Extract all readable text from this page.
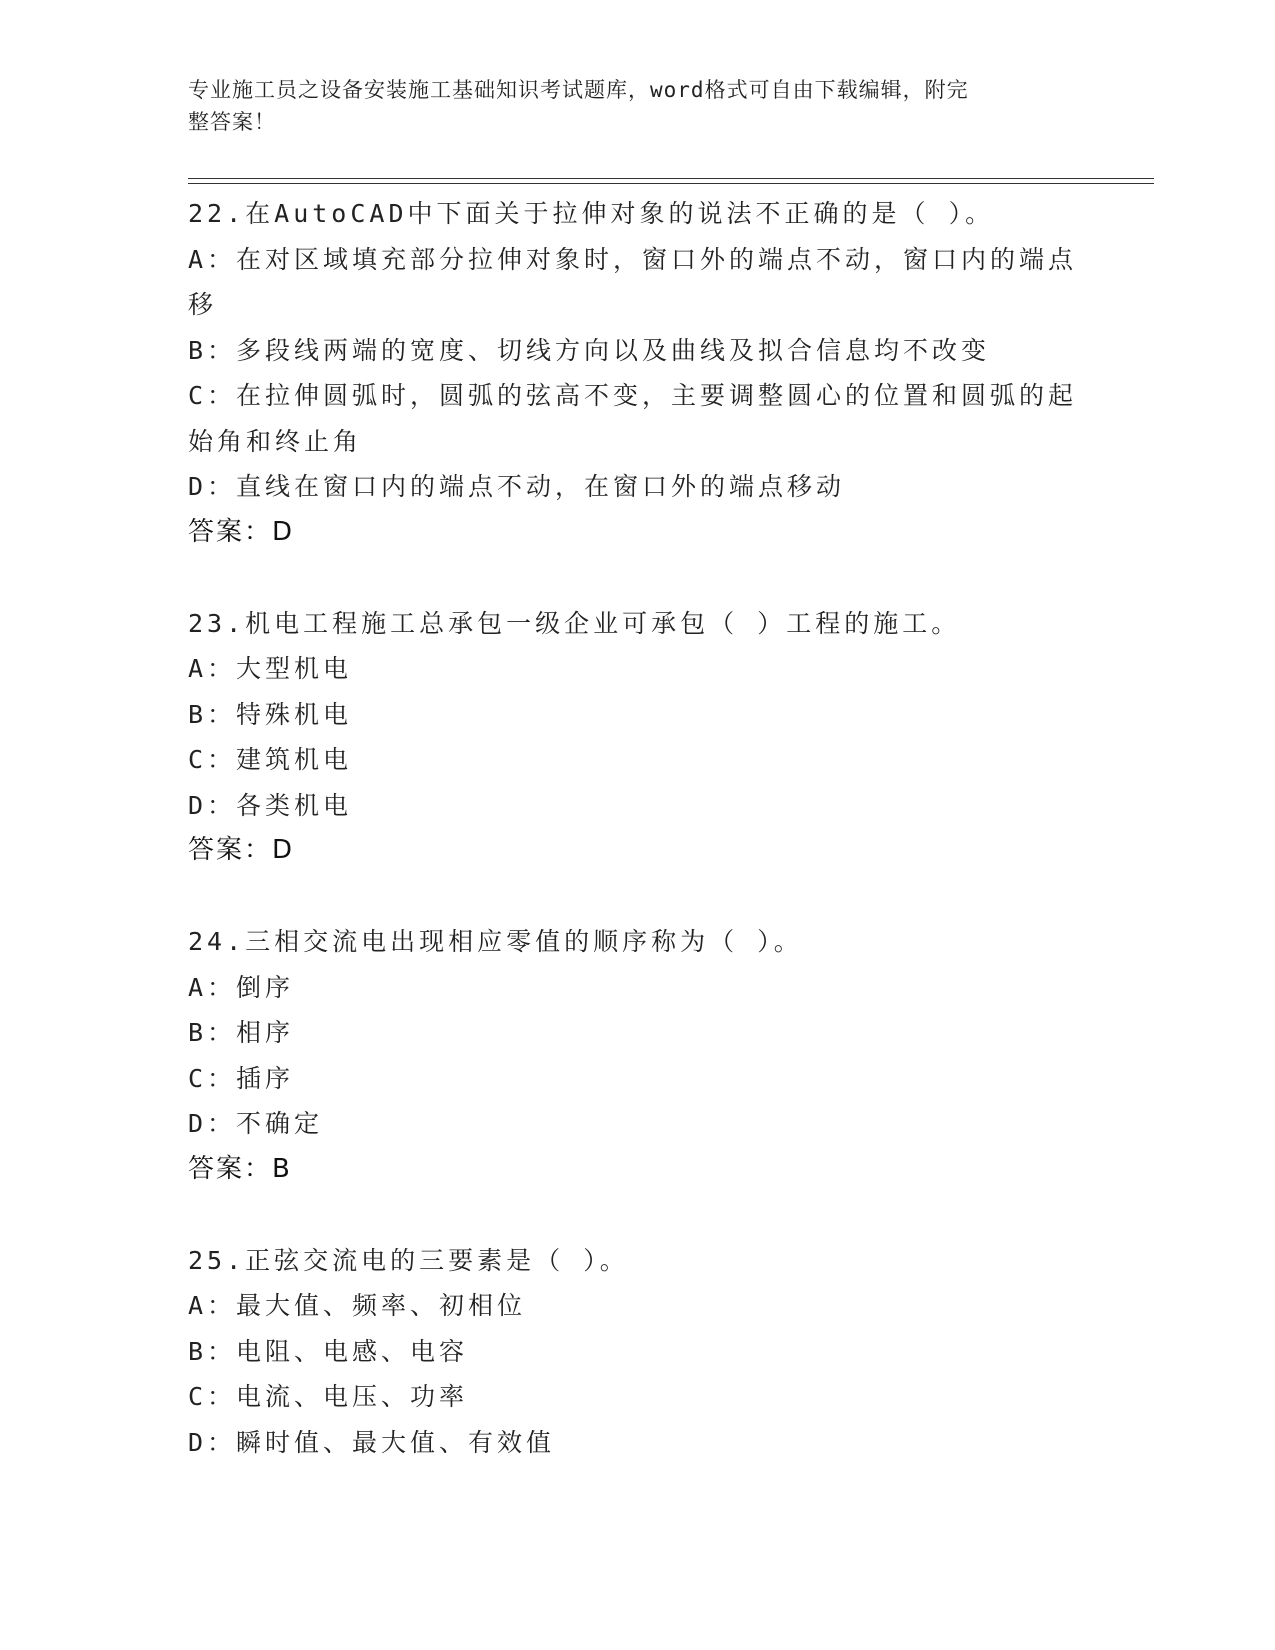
专业施工员之设备安装施工基础知识考试题库，word格式可自由下载编辑，附完
整答案！
22.在AutoCAD中下面关于拉伸对象的说法不正确的是（ ）。
A：在对区域填充部分拉伸对象时，窗口外的端点不动，窗口内的端点
移
B：多段线两端的宽度、切线方向以及曲线及拟合信息均不改变
C：在拉伸圆弧时，圆弧的弦高不变，主要调整圆心的位置和圆弧的起
始角和终止角
D：直线在窗口内的端点不动，在窗口外的端点移动
答案：D
23.机电工程施工总承包一级企业可承包（ ）工程的施工。
A：大型机电
B：特殊机电
C：建筑机电
D：各类机电
答案：D
24.三相交流电出现相应零值的顺序称为（ ）。
A：倒序
B：相序
C：插序
D：不确定
答案：B
25.正弦交流电的三要素是（ ）。
A：最大值、频率、初相位
B：电阻、电感、电容
C：电流、电压、功率
D：瞬时值、最大值、有效值
